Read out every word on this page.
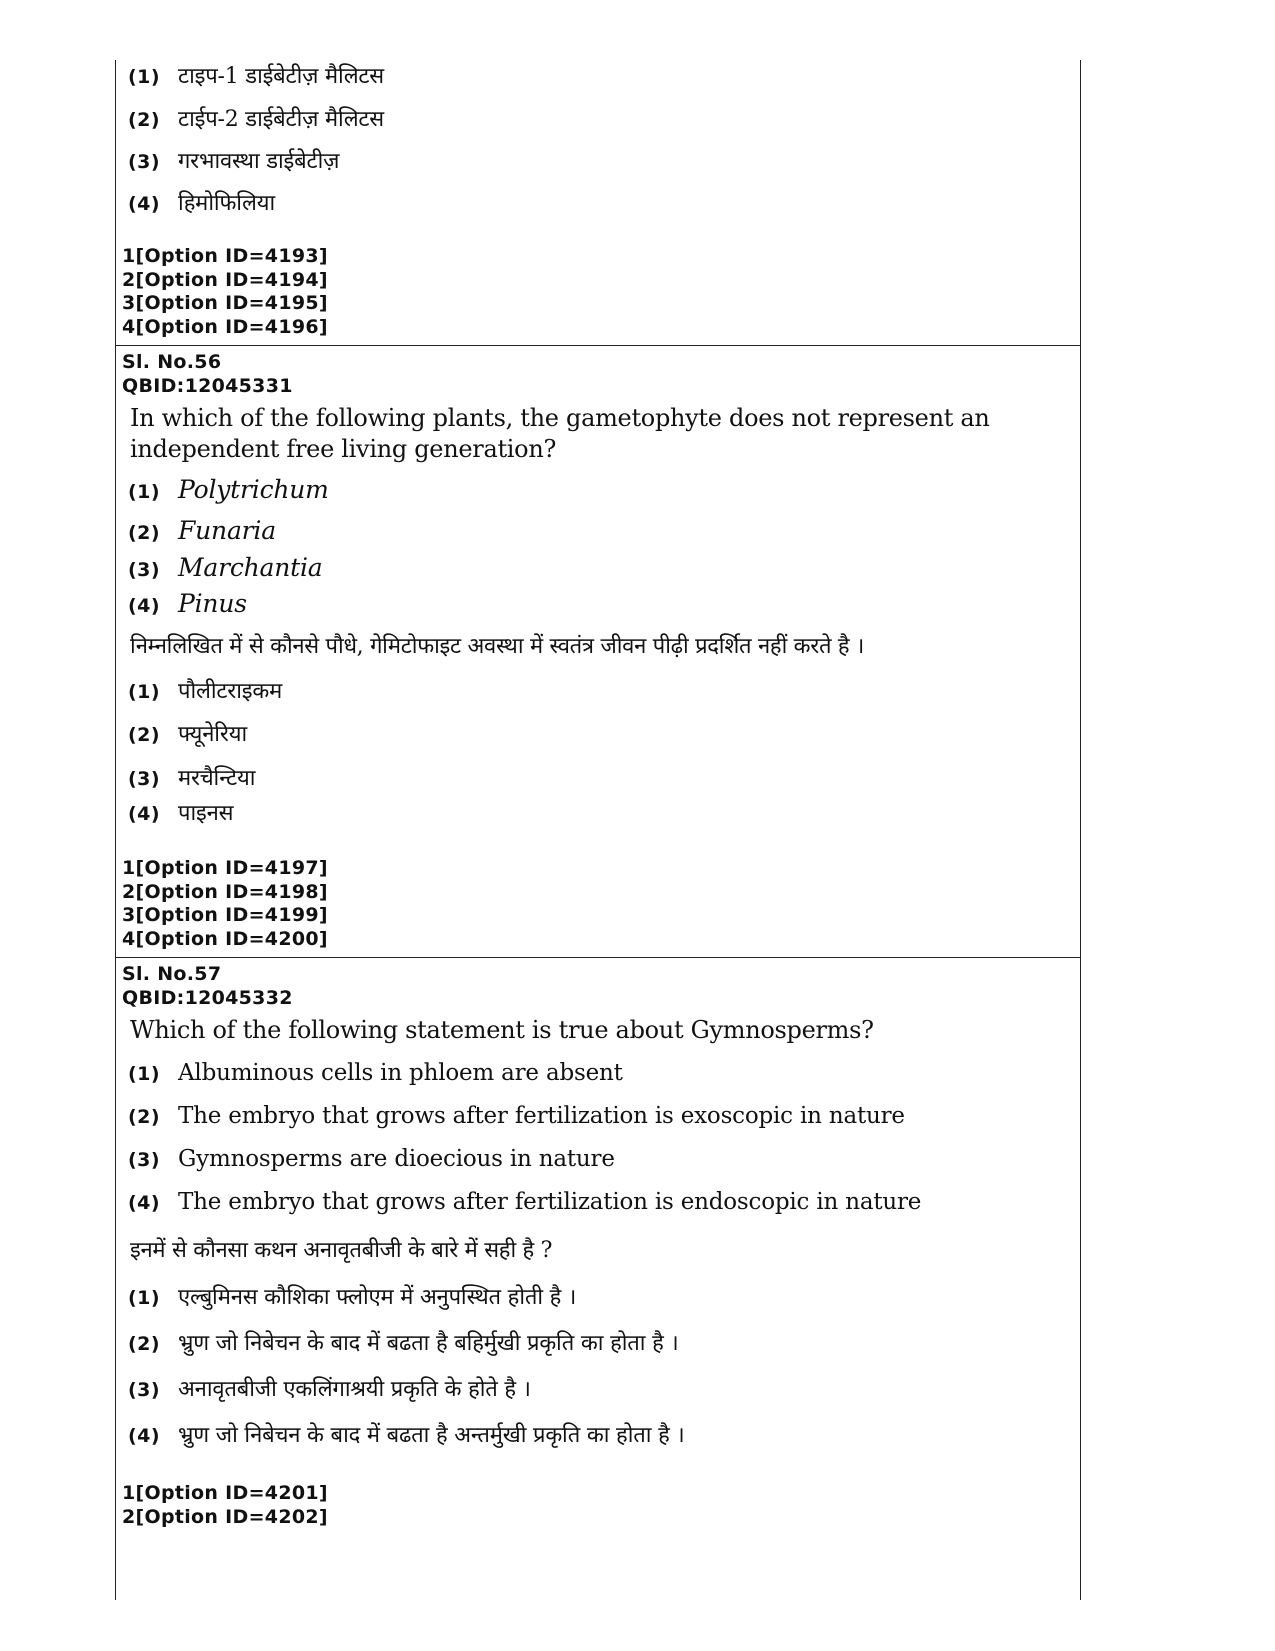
(1) टाइप-1 डाईबेटीज़ मैलिटस
(2) टाईप-2 डाईबेटीज़ मैलिटस
(3) गरभावस्था डाईबेटीज़
(4) हिमोफिलिया
1[Option ID=4193]
2[Option ID=4194]
3[Option ID=4195]
4[Option ID=4196]
Sl. No.56
QBID:12045331
In which of the following plants, the gametophyte does not represent an
independent free living generation?
(1) Polytrichum
(2) Funaria
(3) Marchantia
(4) Pinus
निम्नलिखित में से कौनसे पौधे, गेमिटोफाइट अवस्था में स्वतंत्र जीवन पीढ़ी प्रदर्शित नहीं करते है ।
(1) पौलीटराइकम
(2) फ्यूनेरिया
(3) मरचैन्टिया
(4) पाइनस
1[Option ID=4197]
2[Option ID=4198]
3[Option ID=4199]
4[Option ID=4200]
Sl. No.57
QBID:12045332
Which of the following statement is true about Gymnosperms?
(1) Albuminous cells in phloem are absent
(2) The embryo that grows after fertilization is exoscopic in nature
(3) Gymnosperms are dioecious in nature
(4) The embryo that grows after fertilization is endoscopic in nature
इनमें से कौनसा कथन अनावृतबीजी के बारे में सही है ?
(1) एल्बुमिनस कौशिका फ्लोएम में अनुपस्थित होती है ।
(2) भ्रुण जो निबेचन के बाद में बढता है बहिर्मुखी प्रकृति का होता है ।
(3) अनावृतबीजी एकलिंगाश्रयी प्रकृति के होते है ।
(4) भ्रुण जो निबेचन के बाद में बढता है अन्तर्मुखी प्रकृति का होता है ।
1[Option ID=4201]
2[Option ID=4202]
